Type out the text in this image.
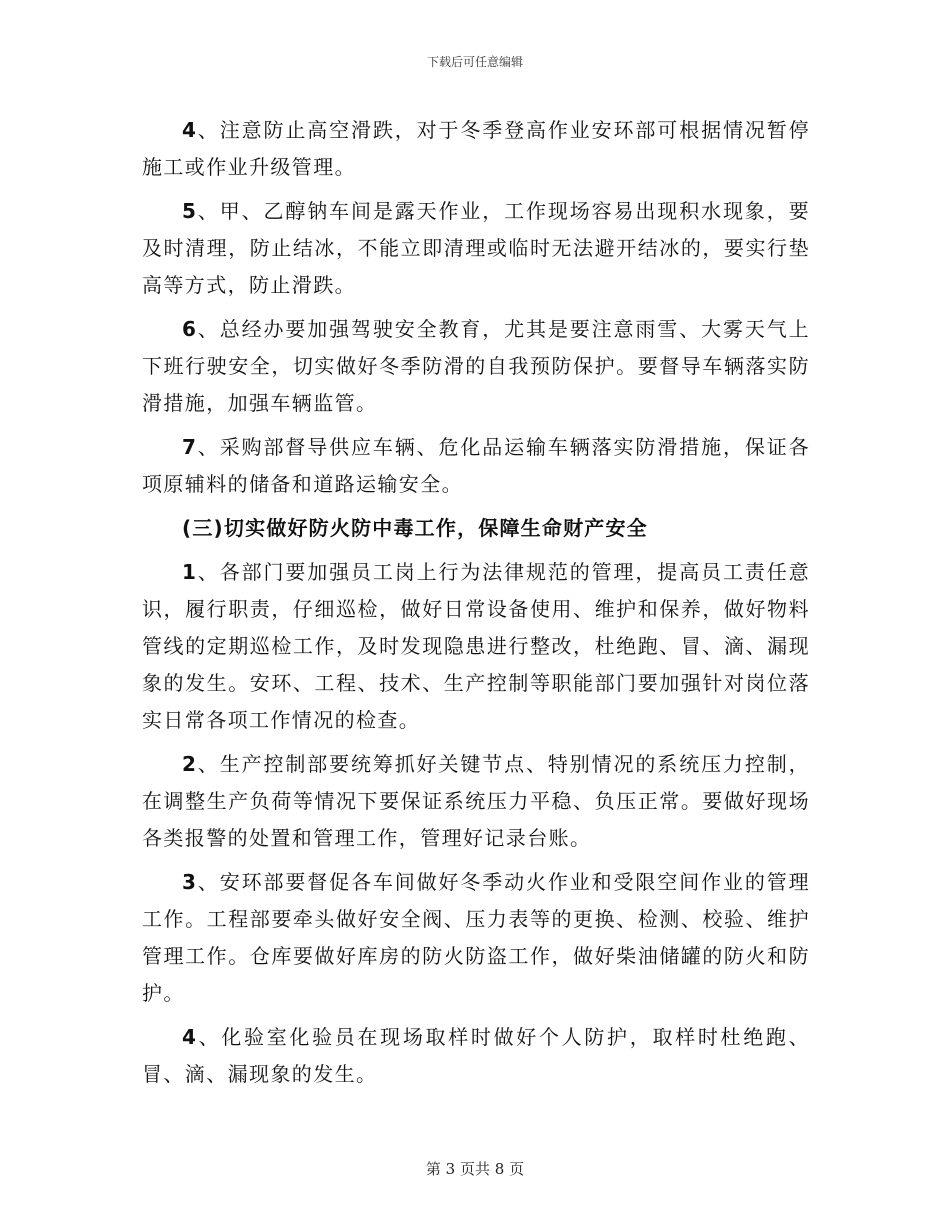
下载后可任意编辑

4、注意防止高空滑跌，对于冬季登高作业安环部可根据情况暂停施工或作业升级管理。

5、甲、乙醇钠车间是露天作业，工作现场容易出现积水现象，要及时清理，防止结冰，不能立即清理或临时无法避开结冰的，要实行垫高等方式，防止滑跌。

6、总经办要加强驾驶安全教育，尤其是要注意雨雪、大雾天气上下班行驶安全，切实做好冬季防滑的自我预防保护。要督导车辆落实防滑措施，加强车辆监管。

7、采购部督导供应车辆、危化品运输车辆落实防滑措施，保证各项原辅料的储备和道路运输安全。

(三)切实做好防火防中毒工作，保障生命财产安全

1、各部门要加强员工岗上行为法律规范的管理，提高员工责任意识，履行职责，仔细巡检，做好日常设备使用、维护和保养，做好物料管线的定期巡检工作，及时发现隐患进行整改，杜绝跑、冒、滴、漏现象的发生。安环、工程、技术、生产控制等职能部门要加强针对岗位落实日常各项工作情况的检查。

2、生产控制部要统筹抓好关键节点、特别情况的系统压力控制，在调整生产负荷等情况下要保证系统压力平稳、负压正常。要做好现场各类报警的处置和管理工作，管理好记录台账。

3、安环部要督促各车间做好冬季动火作业和受限空间作业的管理工作。工程部要牵头做好安全阀、压力表等的更换、检测、校验、维护管理工作。仓库要做好库房的防火防盗工作，做好柴油储罐的防火和防护。

4、化验室化验员在现场取样时做好个人防护，取样时杜绝跑、冒、滴、漏现象的发生。

第 3 页共 8 页
